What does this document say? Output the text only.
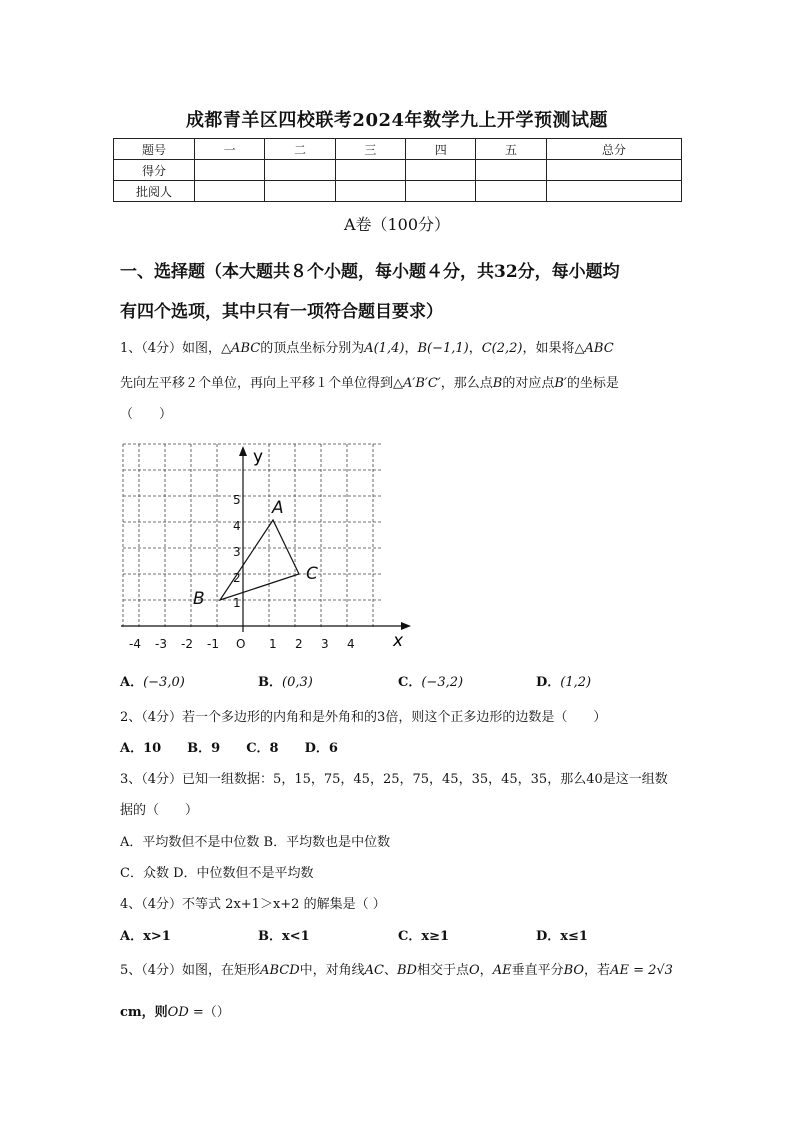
成都青羊区四校联考2024年数学九上开学预测试题
题号	一	二	三	四	五	总分
得分						
批阅人						
A卷（100分）
一、选择题（本大题共８个小题，每小题４分，共32分，每小题均
有四个选项，其中只有一项符合题目要求）
1、（4分）如图，△ABC的顶点坐标分别为A(1,4)，B(−1,1)，C(2,2)，如果将△ABC
先向左平移２个单位，再向上平移１个单位得到△A′B′C′，那么点B的对应点B′的坐标是
（　　）
x
y
-4 -3 -2 -1 O 1 2 3 4
1
2
3
4
5 A
B
C
A．(−3,0)	B．(0,3)	C．(−3,2)	D．(1,2)
2、（4分）若一个多边形的内角和是外角和的3倍，则这个正多边形的边数是（　　）
A．10　　B．9　　C．8　　D．6
3、（4分）已知一组数据：5，15，75，45，25，75，45，35，45，35，那么40是这一组数
据的（　　）
A．平均数但不是中位数 B．平均数也是中位数
C．众数 D．中位数但不是平均数
4、（4分）不等式 2x+1＞x+2 的解集是（ ）
A．x>1	B．x<1	C．x≥1	D．x≤1
5、（4分）如图，在矩形ABCD中，对角线AC、BD相交于点O，AE垂直平分BO，若AE = 2√3
cm，则OD =（）
